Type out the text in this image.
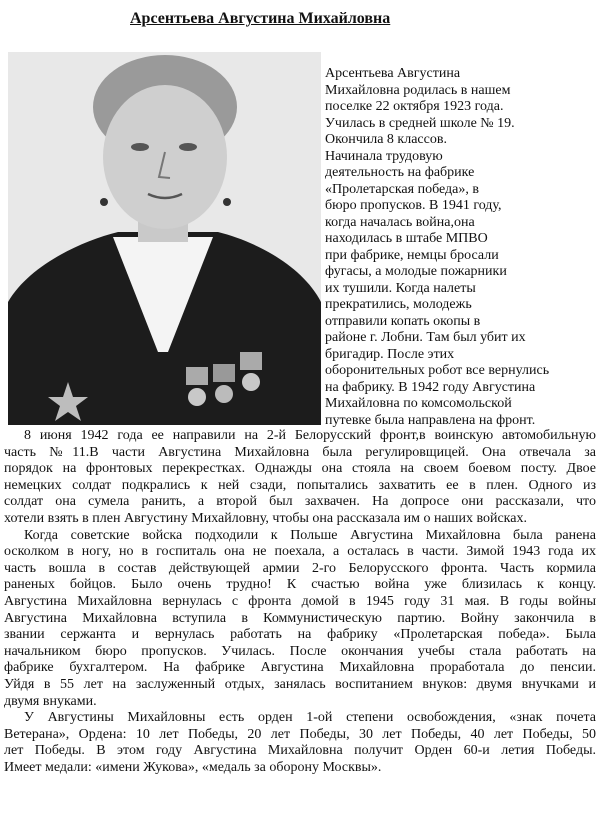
Арсентьева Августина Михайловна
Арсентьева Августина
Михайловна родилась в нашем
поселке 22 октября 1923 года.
Училась в средней школе № 19.
Окончила 8 классов.
Начинала трудовую
деятельность на фабрике
«Пролетарская победа», в
бюро пропусков. В 1941 году,
когда началась война,она
находилась в штабе МПВО
при фабрике, немцы бросали
фугасы, а молодые пожарники
их тушили. Когда налеты
прекратились, молодежь
отправили копать окопы в
районе г. Лобни. Там был убит их
бригадир. После этих
оборонительных робот все вернулись
на фабрику. В 1942 году Августина
Михайловна по комсомольской
путевке была направлена на фронт.
8 июня 1942 года ее направили на 2-й Белорусский фронт,в воинскую автомобильную
часть №11.В части Августина Михайловна была регулировщицей. Она отвечала за
порядок на фронтовых перекрестках. Однажды она стояла на своем боевом посту. Двое
немецких солдат подкрались к ней сзади, попытались захватить ее в плен. Одного из
солдат она сумела ранить, а второй был захвачен. На допросе они рассказали, что
хотели взять в плен Августину Михайловну, чтобы она рассказала им о наших войсках.
Когда советские войска подходили к Польше Августина Михайловна была ранена
осколком в ногу, но в госпиталь она не поехала, а осталась в части. Зимой 1943 года их
часть вошла в состав действующей армии 2-го Белорусского фронта. Часть кормила
раненых бойцов. Было очень трудно! К счастью война уже близилась к концу.
Августина Михайловна вернулась с фронта домой в 1945 году 31 мая. В годы войны
Августина Михайловна вступила в Коммунистическую партию. Войну закончила в
звании сержанта и вернулась работать на фабрику «Пролетарская победа». Была
начальником бюро пропусков. Училась. После окончания учебы стала работать на
фабрике бухгалтером. На фабрике Августина Михайловна проработала до пенсии.
Уйдя в 55 лет на заслуженный отдых, занялась воспитанием внуков: двумя внучками и
двумя внуками.
У Августины Михайловны есть орден 1-ой степени освобождения, «знак почета
Ветерана», Ордена: 10 лет Победы, 20 лет Победы, 30 лет Победы, 40 лет Победы, 50
лет Победы. В этом году Августина Михайловна получит Орден 60-и летия Победы.
Имеет медали: «имени Жукова», «медаль за оборону Москвы».
